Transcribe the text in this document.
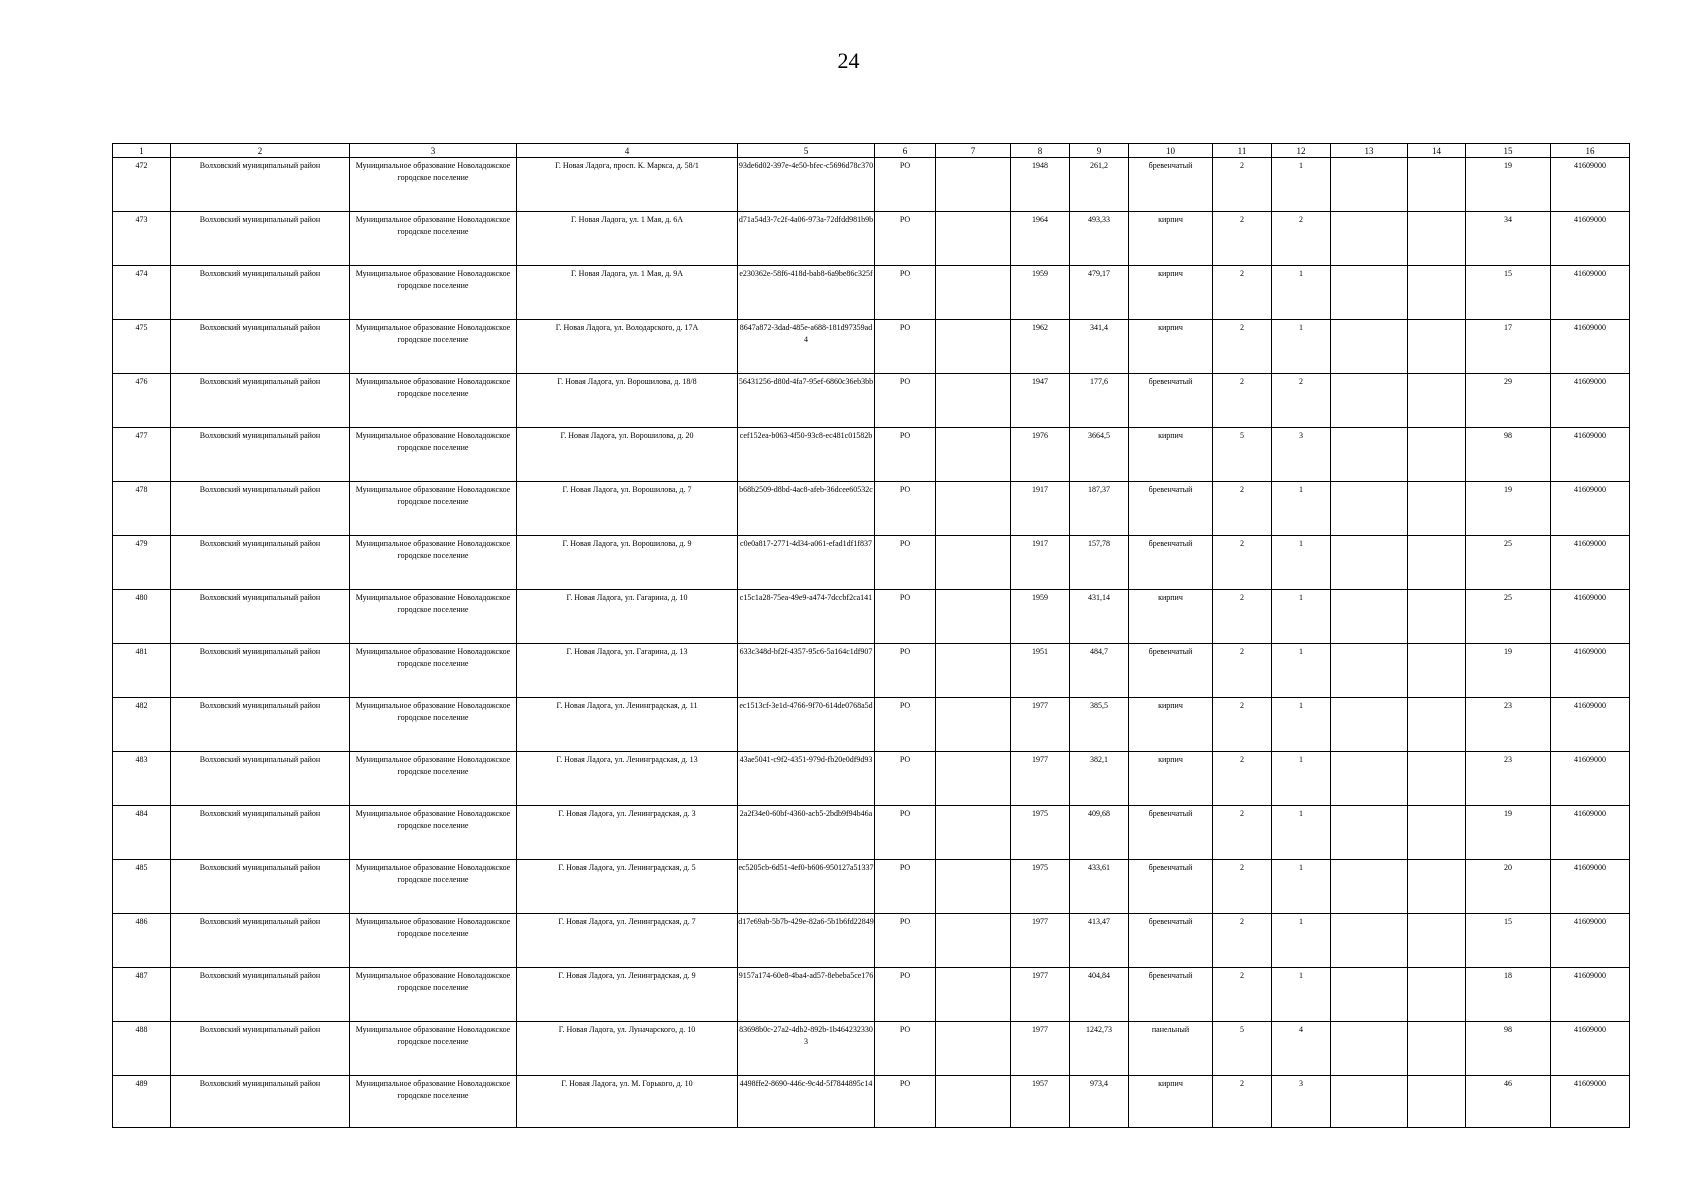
24
1	2	3	4	5	6	7	8	9	10	11	12	13	14	15	16
472	Волховский муниципальный район	Муниципальное образование Новоладожское городское поселение	Г. Новая Ладога, просп. К. Маркса, д. 58/1	93de6d02-397e-4e50-bfec-c5696d78c370	РО		1948	261,2	бревенчатый	2	1			19	41609000
473	Волховский муниципальный район	Муниципальное образование Новоладожское городское поселение	Г. Новая Ладога, ул. 1 Мая, д. 6А	d71a54d3-7c2f-4a06-973a-72dfdd981b9b	РО		1964	493,33	кирпич	2	2			34	41609000
474	Волховский муниципальный район	Муниципальное образование Новоладожское городское поселение	Г. Новая Ладога, ул. 1 Мая, д. 9А	e230362e-58f6-418d-bab8-6a9be86c325f	РО		1959	479,17	кирпич	2	1			15	41609000
475	Волховский муниципальный район	Муниципальное образование Новоладожское городское поселение	Г. Новая Ладога, ул. Володарского, д. 17А	8647a872-3dad-485e-a688-181d97359ad4	РО		1962	341,4	кирпич	2	1			17	41609000
476	Волховский муниципальный район	Муниципальное образование Новоладожское городское поселение	Г. Новая Ладога, ул. Ворошилова, д. 18/8	56431256-d80d-4fa7-95ef-6860c36eb3bb	РО		1947	177,6	бревенчатый	2	2			29	41609000
477	Волховский муниципальный район	Муниципальное образование Новоладожское городское поселение	Г. Новая Ладога, ул. Ворошилова, д. 20	cef152ea-b063-4f50-93c8-ec481c01582b	РО		1976	3664,5	кирпич	5	3			98	41609000
478	Волховский муниципальный район	Муниципальное образование Новоладожское городское поселение	Г. Новая Ладога, ул. Ворошилова, д. 7	b68b2509-d8bd-4ac8-afeb-36dcee60532c	РО		1917	187,37	бревенчатый	2	1			19	41609000
479	Волховский муниципальный район	Муниципальное образование Новоладожское городское поселение	Г. Новая Ладога, ул. Ворошилова, д. 9	c0e0a817-2771-4d34-a061-efad1df1f837	РО		1917	157,78	бревенчатый	2	1			25	41609000
480	Волховский муниципальный район	Муниципальное образование Новоладожское городское поселение	Г. Новая Ладога, ул. Гагарина, д. 10	c15c1a28-75ea-49e9-a474-7dccbf2ca141	РО		1959	431,14	кирпич	2	1			25	41609000
481	Волховский муниципальный район	Муниципальное образование Новоладожское городское поселение	Г. Новая Ладога, ул. Гагарина, д. 13	633c348d-bf2f-4357-95c6-5a164c1df907	РО		1951	484,7	бревенчатый	2	1			19	41609000
482	Волховский муниципальный район	Муниципальное образование Новоладожское городское поселение	Г. Новая Ладога, ул. Ленинградская, д. 11	ec1513cf-3e1d-4766-9f70-614de0768a5d	РО		1977	385,5	кирпич	2	1			23	41609000
483	Волховский муниципальный район	Муниципальное образование Новоладожское городское поселение	Г. Новая Ладога, ул. Ленинградская, д. 13	43ae5041-c9f2-4351-979d-fb20e0df9d93	РО		1977	382,1	кирпич	2	1			23	41609000
484	Волховский муниципальный район	Муниципальное образование Новоладожское городское поселение	Г. Новая Ладога, ул. Ленинградская, д. 3	2a2f34e0-60bf-4360-acb5-2bdb9f94b46a	РО		1975	409,68	бревенчатый	2	1			19	41609000
485	Волховский муниципальный район	Муниципальное образование Новоладожское городское поселение	Г. Новая Ладога, ул. Ленинградская, д. 5	ec5205cb-6d51-4ef0-b606-950127a51337	РО		1975	433,61	бревенчатый	2	1			20	41609000
486	Волховский муниципальный район	Муниципальное образование Новоладожское городское поселение	Г. Новая Ладога, ул. Ленинградская, д. 7	d17e69ab-5b7b-429e-82a6-5b1b6fd22849	РО		1977	413,47	бревенчатый	2	1			15	41609000
487	Волховский муниципальный район	Муниципальное образование Новоладожское городское поселение	Г. Новая Ладога, ул. Ленинградская, д. 9	9157a174-60e8-4ba4-ad57-8ebeba5ce176	РО		1977	404,84	бревенчатый	2	1			18	41609000
488	Волховский муниципальный район	Муниципальное образование Новоладожское городское поселение	Г. Новая Ладога, ул. Луначарского, д. 10	83698b0c-27a2-4db2-892b-1b4642323303	РО		1977	1242,73	панельный	5	4			98	41609000
489	Волховский муниципальный район	Муниципальное образование Новоладожское городское поселение	Г. Новая Ладога, ул. М. Горького, д. 10	4498ffe2-8690-446c-9c4d-5f7844895c14	РО		1957	973,4	кирпич	2	3			46	41609000
